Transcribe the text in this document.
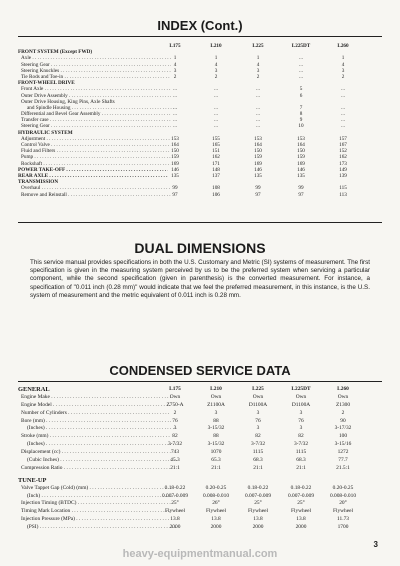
INDEX (Cont.)
L175	L210	L225	L225DT	L260
FRONT SYSTEM (Except FWD)
Axle . . .	1	1	1	...	1
Steering Gear . . .	4	4	4	...	4
Steering Knuckles . . .	3	3	3	...	3
Tie Rods and Toe-in . . .	2	2	2	...	2
FRONT-WHEEL DRIVE
Front Axle . . .	...	...	...	5	...
Outer Drive Assembly . . .	...	...	...	6	...
Outer Drive Housing, King Pins, Axle Shafts
and Spindle Housing . . .	...	...	...	7	...
Differential and Bevel Gear Assembly . . .	...	...	...	8	...
Transfer case . . .	...	...	...	9	...
Steering Gear . . .	...	...	...	10	...
HYDRAULIC SYSTEM
Adjustment . . .	153	155	153	153	157
Control Valve . . .	164	165	164	164	167
Fluid and Filters . . .	150	151	150	150	152
Pump . . .	159	162	159	159	162
Rockshaft . . .	169	171	169	169	173
POWER TAKE-OFF . . .	146	148	146	146	149
REAR AXLE . . .	135	137	135	135	139
TRANSMISSION
Overhaul . . .	99	108	99	99	115
Remove and Reinstall . . .	97	106	97	97	113
DUAL DIMENSIONS
This service manual provides specifications in both the U.S. Customary and Metric (SI) systems of measurement. The first specification is given in the measuring system perceived by us to be the preferred system when servicing a particular component, while the second specification (given in parenthesis) is the converted measurement. For instance, a specification of "0.011 inch (0.28 mm)" would indicate that we feel the preferred measurement, in this instance, is the U.S. system of measurement and the metric equivalent of 0.011 inch is 0.28 mm.
CONDENSED SERVICE DATA
GENERAL	L175	L210	L225	L225DT	L260
Engine Make . . .	Own	Own	Own	Own	Own
Engine Model . . .	Z750-A	Z1100A	D1100A	D1100A	Z1300
Number of Cylinders . . .	2	3	3	3	2
Bore (mm) . . .	76	88	76	76	90
(Inches) . . .	3	3-15/32	3	3	3-17/32
Stroke (mm) . . .	82	88	82	82	100
(Inches) . . .	3-7/32	3-15/32	3-7/32	3-7/32	3-15/16
Displacement (cc) . . .	743	1070	1115	1115	1272
(Cubic Inches) . . .	45.3	65.3	68.3	68.3	77.7
Compression Ratio . . .	21:1	21:1	21:1	21:1	21.5:1
TUNE-UP
Valve Tappet Gap (Cold) (mm) . . .	0.18-0.22	0.20-0.25	0.18-0.22	0.18-0.22	0.20-0.25
(Inch) . . .	0.007-0.009	0.008-0.010	0.007-0.009	0.007-0.009	0.008-0.010
Injection Timing (BTDC) . . .	25°	26°	25°	25°	20°
Timing Mark Location . . .	Flywheel	Flywheel	Flywheel	Flywheel	Flywheel
Injection Pressure (MPa) . . .	13.8	13.8	13.8	13.8	11.73
(PSI) . . .	2000	2000	2000	2000	1700
3
heavy-equipmentmanual.com
